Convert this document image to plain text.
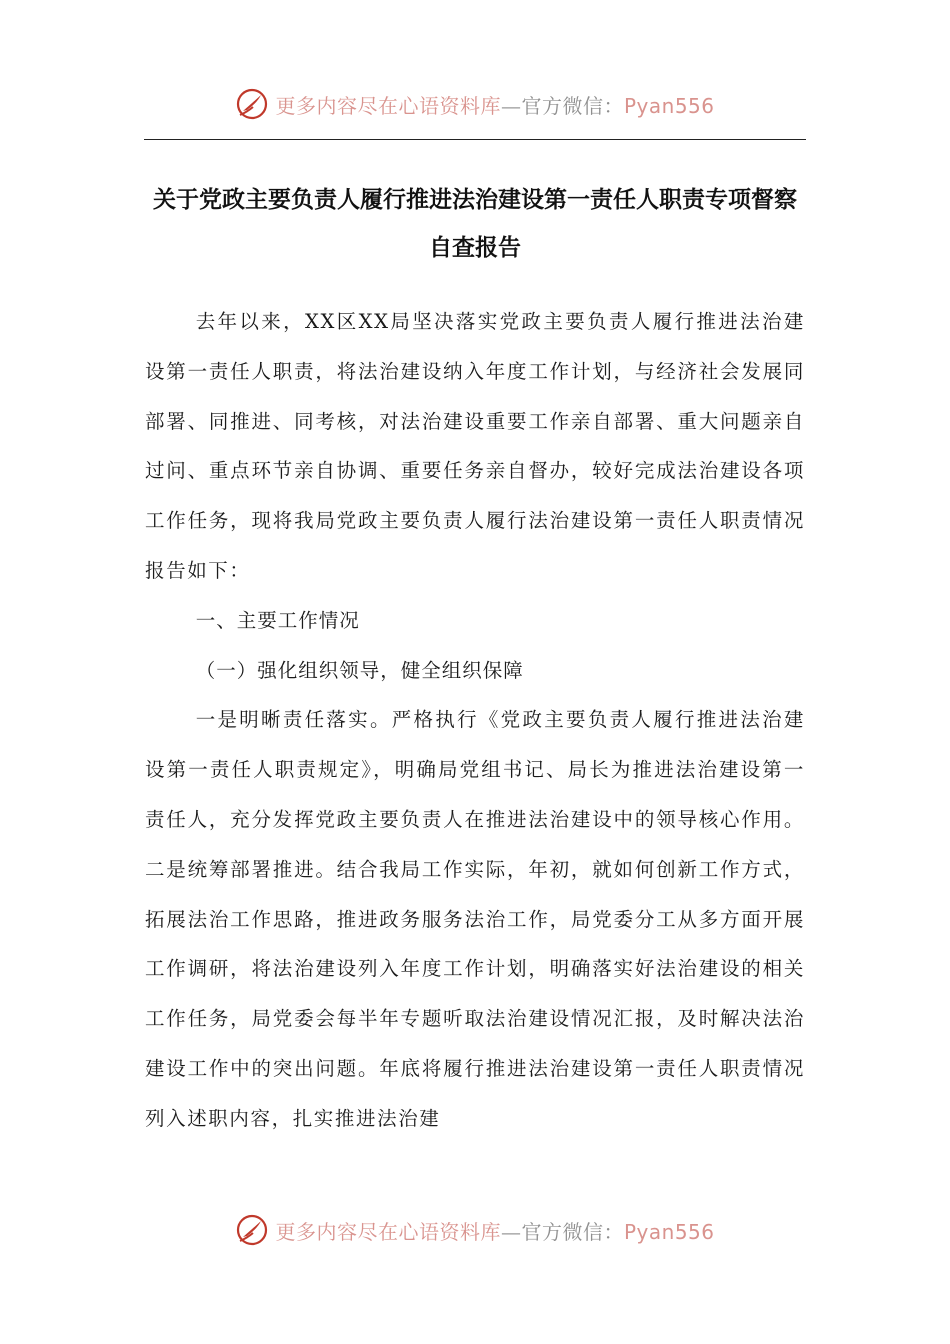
更多内容尽在心语资料库—官方微信：Pyan556
关于党政主要负责人履行推进法治建设第一责任人职责专项督察自查报告

去年以来，XX区XX局坚决落实党政主要负责人履行推进法治建设第一责任人职责，将法治建设纳入年度工作计划，与经济社会发展同部署、同推进、同考核，对法治建设重要工作亲自部署、重大问题亲自过问、重点环节亲自协调、重要任务亲自督办，较好完成法治建设各项工作任务，现将我局党政主要负责人履行法治建设第一责任人职责情况报告如下：

一、主要工作情况

（一）强化组织领导，健全组织保障

一是明晰责任落实。严格执行《党政主要负责人履行推进法治建设第一责任人职责规定》，明确局党组书记、局长为推进法治建设第一责任人，充分发挥党政主要负责人在推进法治建设中的领导核心作用。二是统筹部署推进。结合我局工作实际，年初，就如何创新工作方式，拓展法治工作思路，推进政务服务法治工作，局党委分工从多方面开展工作调研，将法治建设列入年度工作计划，明确落实好法治建设的相关工作任务，局党委会每半年专题听取法治建设情况汇报，及时解决法治建设工作中的突出问题。年底将履行推进法治建设第一责任人职责情况列入述职内容，扎实推进法治建

更多内容尽在心语资料库—官方微信：Pyan556
